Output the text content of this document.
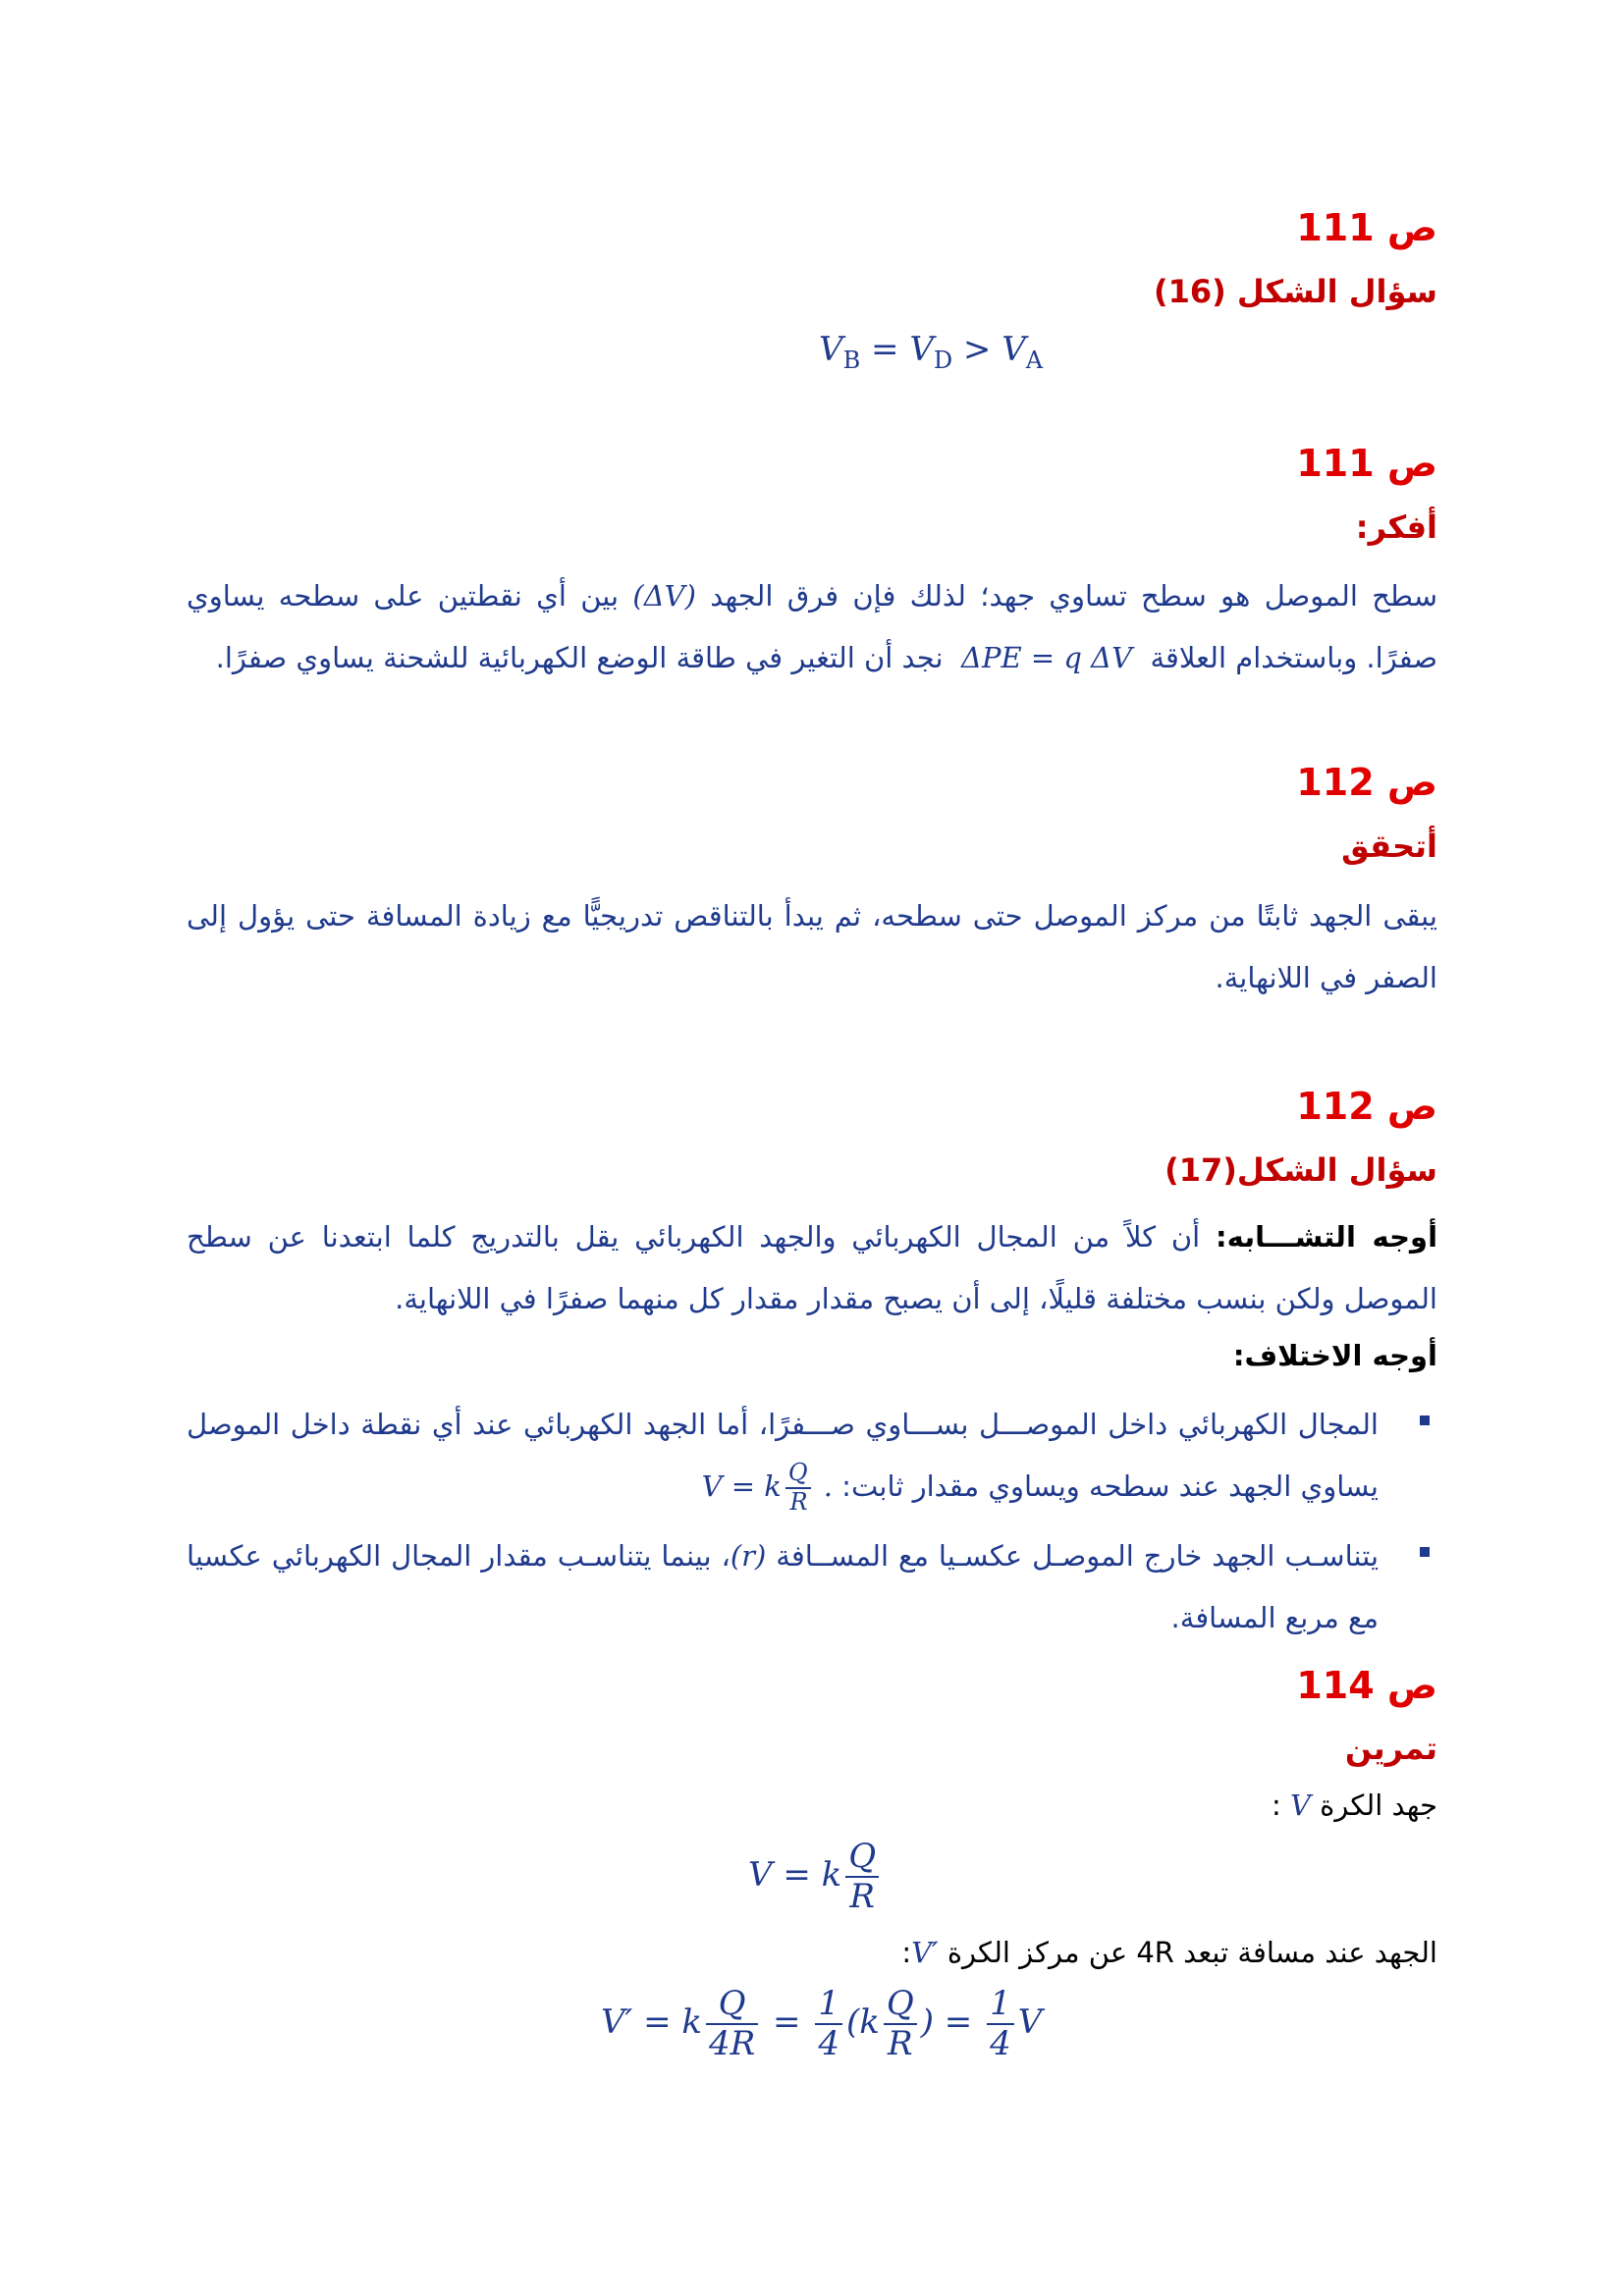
ص 111
سؤال الشكل (16)
$V_B = V_D > V_A$
ص 111
أفكر:
سطح الموصل هو سطح تساوي جهد؛ لذلك فإن فرق الجهد (ΔV) بين أي نقطتين على سطحه يساوي صفرًا. وباستخدام العلاقة  ΔPE = q ΔV  نجد أن التغير في طاقة الوضع الكهربائية للشحنة يساوي صفرًا.
ص 112
أتحقق
يبقى الجهد ثابتًا من مركز الموصل حتى سطحه، ثم يبدأ بالتناقص تدريجيًّا مع زيادة المسافة حتى يؤول إلى الصفر في اللانهاية.
ص 112
سؤال الشكل(17)
أوجه التشـــابه: أن كلاً من المجال الكهربائي والجهد الكهربائي يقل بالتدريج كلما ابتعدنا عن سطح الموصل ولكن بنسب مختلفة قليلًا، إلى أن يصبح مقدار مقدار كل منهما صفرًا في اللانهاية.
أوجه الاختلاف:
المجال الكهربائي داخل الموصـــل بســـاوي صـــفرًا، أما الجهد الكهربائي عند أي نقطة داخل الموصل يساوي الجهد عند سطحه ويساوي مقدار ثابت: V = k $\frac{Q}{R}$ .
يتناسـب الجهد خارج الموصـل عكسـيا مع المســافة (r)، بينما يتناسـب مقدار المجال الكهربائي عكسيا مع مربع المسافة.
ص 114
تمرين
جهد الكرة V :
V = k $\frac{Q}{R}$
الجهد عند مسافة تبعد 4R عن مركز الكرة V′:
V′ = k $\frac{Q}{4R} = \frac{1}{4} (k \frac{Q}{R}$ ) = $\frac{1}{4}$ V
